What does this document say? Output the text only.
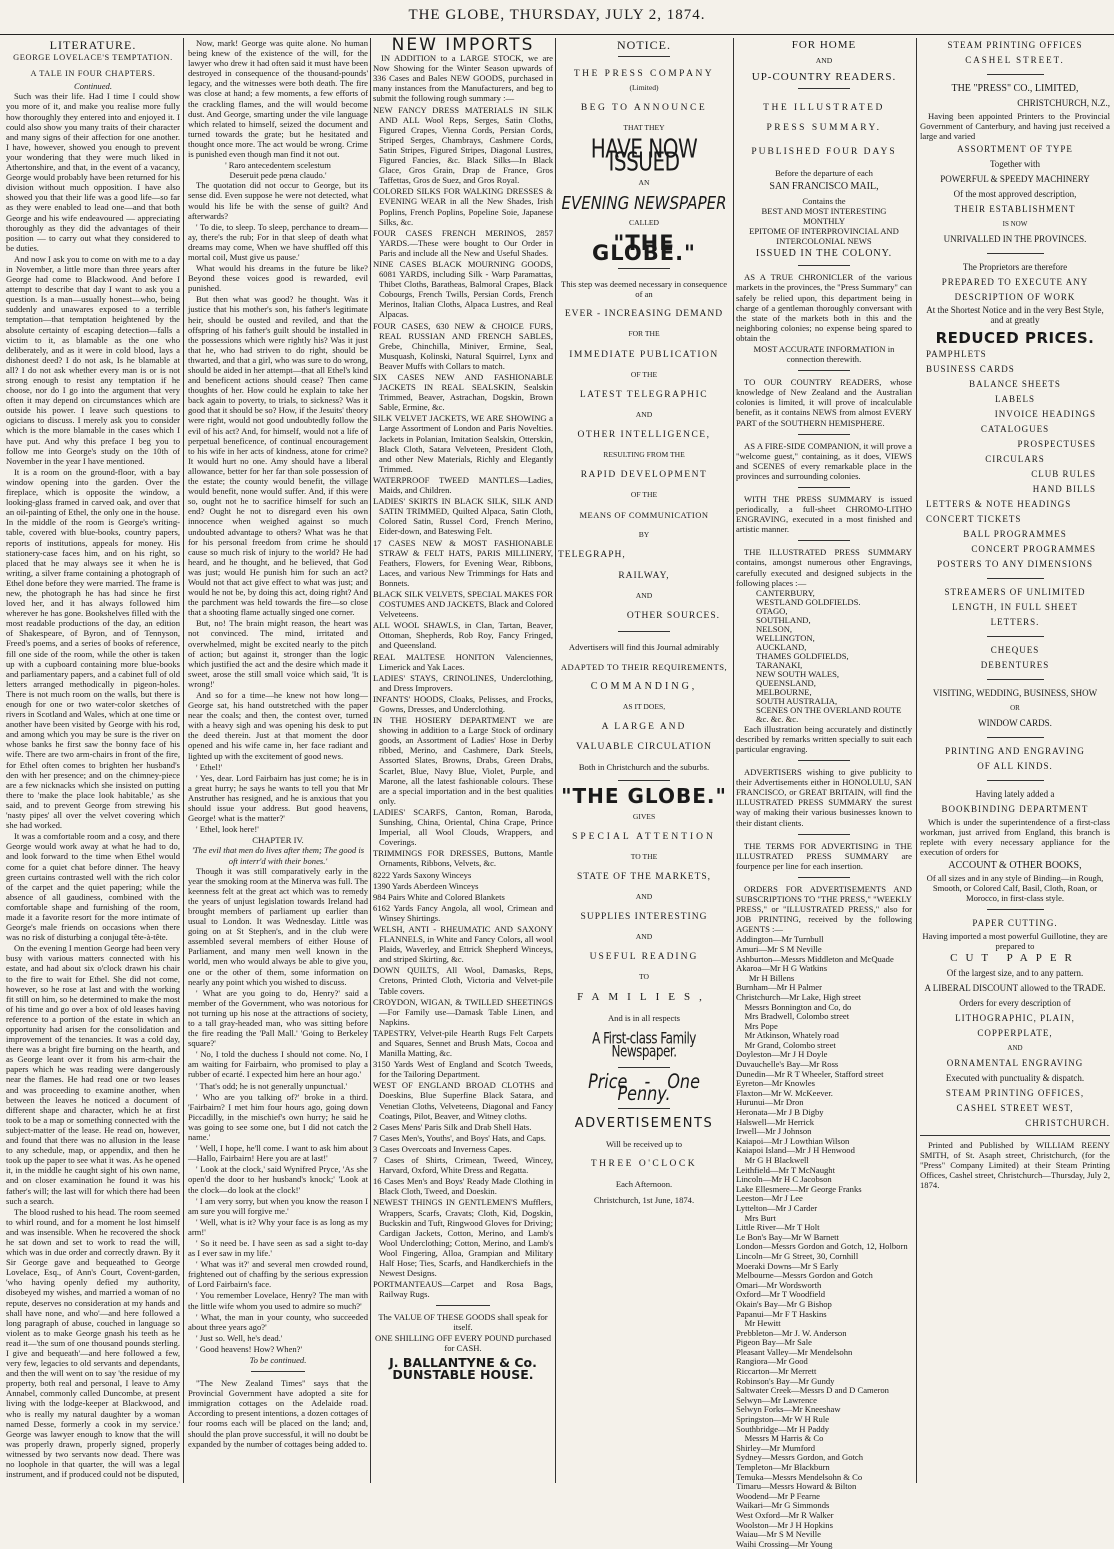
THE GLOBE, THURSDAY, JULY 2, 1874.
LITERATURE.
GEORGE LOVELACE'S TEMPTATION.
A TALE IN FOUR CHAPTERS.
Continued.

Such was their life. Had I time I could show you more of it, and make you realise more fully how thoroughly they entered into and enjoyed it. I could also show you many traits of their character and many signs of their affection for one another. I have, however, showed you enough to prevent your wondering that they were much liked in Athertonshire, and that, in the event of a vacancy, George would probably have been returned for his division without much opposition. I have also showed you that their life was a good life—so far as they were enabled to lead one—and that both George and his wife endeavoured — appreciating thoroughly as they did the advantages of their position — to carry out what they considered to be duties.

And now I ask you to come on with me to a day in November, a little more than three years after George had come to Blackwood. And before I attempt to describe that day I want to ask you a question. Is a man—usually honest—who, being suddenly and unawares exposed to a terrible temptation—that temptation heightened by the absolute certainty of escaping detection—falls a victim to it, as blamable as the one who deliberately, and as it were in cold blood, lays a dishonest deed? I do not ask, Is he blamable at all? I do not ask whether every man is or is not strong enough to resist any temptation if he choose, nor do I go into the argument that very often it may depend on circumstances which are outside his power. I leave such questions to ogicians to discuss. I merely ask you to consider which is the more blamable in the cases which I have put. And why this preface I beg you to follow me into George's study on the 10th of November in the year I have mentioned.

It is a room on the ground-floor, with a bay window opening into the garden. Over the fireplace, which is opposite the window, a looking-glass framed in carved oak, and over that an oil-painting of Ethel, the only one in the house. In the middle of the room is George's writing-table, covered with blue-books, country papers, reports of institutions, appeals for money. His stationery-case faces him, and on his right, so placed that he may always see it when he is writing, a silver frame containing a photograph of Ethel done before they were married. The frame is new, the photograph he has had since he first loved her, and it has always followed him wherever he has gone. Bookshelves filled with the most readable productions of the day, an edition of Shakespeare, of Byron, and of Tennyson, Freed's poems, and a series of books of reference, fill one side of the room, while the other is taken up with a cupboard containing more blue-books and parliamentary papers, and a cabinet full of old letters arranged methodically in pigeon-holes. There is not much room on the walls, but there is enough for one or two water-color sketches of rivers in Scotland and Wales, which at one time or another have been visited by George with his rod, and among which you may be sure is the river on whose banks he first saw the bonny face of his wife. There are two arm-chairs in front of the fire, for Ethel often comes to brighten her husband's den with her presence; and on the chimney-piece are a few nicknacks which she insisted on putting there to 'make the place look habitable,' as she said, and to prevent George from strewing his 'nasty pipes' all over the velvet covering which she had worked.

It was a comfortable room and a cosy, and there George would work away at what he had to do, and look forward to the time when Ethel would come for a quiet chat before dinner. The heavy green curtains contrasted well with the rich color of the carpet and the quiet papering; while the absence of all gaudiness, combined with the comfortable shape and furnishing of the room, made it a favorite resort for the more intimate of George's male friends on occasions when there was no risk of disturbing a conjugal tête-à-tête.

On the evening I mention George had been very busy with various matters connected with his estate, and had about six o'clock drawn his chair to the fire to wait for Ethel. She did not come, however, so he rose at last and with the working fit still on him, so he determined to make the most of his time and go over a box of old leases having reference to a portion of the estate in which an opportunity had arisen for the consolidation and improvement of the tenancies. It was a cold day, there was a bright fire burning on the hearth, and as George leant over it from his arm-chair the papers which he was reading were dangerously near the flames. He had read one or two leases and was proceeding to examine another, when between the leaves he noticed a document of different shape and character, which he at first took to be a map or something connected with the subject-matter of the lease. He read on, however, and found that there was no allusion in the lease to any schedule, map, or appendix, and then he took up the paper to see what it was. As he opened it, in the middle he caught sight of his own name, and on closer examination he found it was his father's will; the last will for which there had been such a search.

The blood rushed to his head. The room seemed to whirl round, and for a moment he lost himself and was insensible. When he recovered the shock he sat down and set to work to read the will, which was in due order and correctly drawn. By it Sir George gave and bequeathed to George Lovelace, Esq., of Ann's Court, Covent-garden, 'who having openly defied my authority, disobeyed my wishes, and married a woman of no repute, deserves no consideration at my hands and shall have none, and who'—and here followed a long paragraph of abuse, couched in language so violent as to make George gnash his teeth as he read it—'the sum of one thousand pounds sterling. I give and bequeath'—and here followed a few, very few, legacies to old servants and dependants, and then the will went on to say 'the residue of my property, both real and personal, I leave to Amy Annabel, commonly called Duncombe, at present living with the lodge-keeper at Blackwood, and who is really my natural daughter by a woman named Desse, formerly a cook in my service.' George was lawyer enough to know that the will was properly drawn, properly signed, properly witnessed by two servants now dead. There was no loophole in that quarter, the will was a legal instrument, and if produced could not be disputed,

Now, mark! George was quite alone. No human being knew of the existence of the will, for the lawyer who drew it had often said it must have been destroyed in consequence of the thousand-pounds' legacy, and the witnesses were both death. The fire was close at hand; a few moments, a few efforts of the crackling flames, and the will would become dust. And George, smarting under the vile language which related to himself, seized the document and turned towards the grate; but he hesitated and thought once more. The act would be wrong. Crime is punished even though man find it not out.

' Raro antecedentem scelestum
Deseruit pede pœna claudo.'

The quotation did not occur to George, but its sense did. Even suppose he were not detected, what would his life be with the sense of guilt? And afterwards?

' To die, to sleep. To sleep, perchance to dream—ay, there's the rub; For in that sleep of death what dreams may come, When we have shuffled off this mortal coil, Must give us pause.'

What would his dreams in the future be like? Beyond these voices good is rewarded, evil punished.

But then what was good? he thought. Was it justice that his mother's son, his father's legitimate heir, should be ousted and reviled, and that the offspring of his father's guilt should be installed in the possessions which were rightly his? Was it just that he, who had striven to do right, should be thwarted, and that a girl, who was sure to do wrong, should be aided in her attempt—that all Ethel's kind and beneficent actions should cease? Then came thoughts of her. How could he explain to take her back again to poverty, to trials, to sickness? Was it good that it should be so? How, if the Jesuits' theory were right, would not good undoubtedly follow the evil of his act? And, for himself, would not a life of perpetual beneficence, of continual encouragement to his wife in her acts of kindness, atone for crime? It would hurt no one. Amy should have a liberal allowance, better for her far than sole possession of the estate; the county would benefit, the village would benefit, none would suffer. And, if this were so, ought not he to sacrifice himself for such an end? Ought he not to disregard even his own innocence when weighed against so much undoubted advantage to others? What was he that for his personal freedom from crime he should cause so much risk of injury to the world? He had heard, and he thought, and he believed, that God was just; would He punish him for such an act? Would not that act give effect to what was just; and would he not be, by doing this act, doing right? And the parchment was held towards the fire—so close that a shooting flame actually singed one corner.

But, no! The brain might reason, the heart was not convinced. The mind, irritated and overwhelmed, might be excited nearly to the pitch of action; but against it, stronger than the logic which justified the act and the desire which made it sweet, arose the still small voice which said, 'It is wrong!'

And so for a time—he knew not how long—George sat, his hand outstretched with the paper near the coals; and then, the contest over, turned with a heavy sigh and was opening his desk to put the deed therein. Just at that moment the door opened and his wife came in, her face radiant and lighted up with the excitement of good news.

' Ethel!'

' Yes, dear. Lord Fairbairn has just come; he is in a great hurry; he says he wants to tell you that Mr Anstruther has resigned, and he is anxious that you should issue your address. But good heavens, George! what is the matter?'

' Ethel, look here!'

CHAPTER IV.
'The evil that men do lives after them; The good is oft interr'd with their bones.'

Though it was still comparatively early in the year the smoking room at the Minerva was full. The keenness felt at the great act which was to remedy the years of unjust legislation towards Ireland had brought members of parliament up earlier than usual to London. It was Wednesday. Little was going on at St Stephen's, and in the club were assembled several members of either House of Parliament, and many men well known in the world, men who would always be able to give you, one or the other of them, some information on nearly any point which you wished to discuss.

' What are you going to do, Henry?' said a member of the Government, who was notorious for not turning up his nose at the attractions of society, to a tall gray-headed man, who was sitting before the fire reading the 'Pall Mall.' 'Going to Berkeley square?'

' No, I told the duchess I should not come. No, I am waiting for Fairbairn, who promised to play a rubber of ecarté. I expected him here an hour ago.'

' That's odd; he is not generally unpunctual.'

' Who are you talking of?' broke in a third. 'Fairbairn? I met him four hours ago, going down Piccadilly, in the mischief's own hurry; he said he was going to see some one, but I did not catch the name.'

' Well, I hope, he'll come. I want to ask him about—Hallo, Fairbairn! Here you are at last!'

' Look at the clock,' said Wynifred Pryce, 'As she open'd the door to her husband's knock;' 'Look at the clock—do look at the clock!'

' I am very sorry, but when you know the reason I am sure you will forgive me.'

' Well, what is it? Why your face is as long as my arm!'

' So it need be. I have seen as sad a sight to-day as I ever saw in my life.'

' What was it?' and several men crowded round, frightened out of chaffing by the serious expression of Lord Fairbairn's face.

' You remember Lovelace, Henry? The man with the little wife whom you used to admire so much?'

' What, the man in your county, who succeeded about three years ago?'

' Just so. Well, he's dead.'

' Good heavens! How? When?'

To be continued.

"The New Zealand Times" says that the Provincial Government have adopted a site for immigration cottages on the Adelaide road. According to present intentions, a dozen cottages of four rooms each will be placed on the land; and, should the plan prove successful, it will no doubt be expanded by the number of cottages being added to.

NEW IMPORTS

IN ADDITION to a LARGE STOCK, we are Now Showing for the Winter Season upwards of 336 Cases and Bales NEW GOODS, purchased in many instances from the Manufacturers, and beg to submit the following rough summary :—

NEW FANCY DRESS MATERIALS IN SILK AND ALL Wool Reps, Serges, Satin Cloths, Figured Crapes, Vienna Cords, Persian Cords, Striped Serges, Chambrays, Cashmere Cords, Satin Stripes, Figured Stripes, Diagonal Lustres, Figured Fancies, &c. Black Silks—In Black Glace, Gros Grain, Drap de France, Gros Taffettas, Gros de Suez, and Gros Royal.

COLORED SILKS FOR WALKING DRESSES & EVENING WEAR in all the New Shades, Irish Poplins, French Poplins, Popeline Soie, Japanese Silks, &c.

FOUR CASES FRENCH MERINOS, 2857 YARDS.—These were bought to Our Order in Paris and include all the New and Useful Shades.

NINE CASES BLACK MOURNING GOODS, 6081 YARDS, including Silk - Warp Paramattas, Thibet Cloths, Baratheas, Balmoral Crapes, Black Cobourgs, French Twills, Persian Cords, French Merinos, Italian Cloths, Alpaca Lustres, and Real Alpacas.

FOUR CASES, 630 NEW & CHOICE FURS, REAL RUSSIAN AND FRENCH SABLES, Grebe, Chinchilla, Miniver, Ermine, Seal, Musquash, Kolinski, Natural Squirrel, Lynx and Beaver Muffs with Collars to match.

SIX CASES NEW AND FASHIONABLE JACKETS IN REAL SEALSKIN, Sealskin Trimmed, Beaver, Astrachan, Dogskin, Brown Sable, Ermine, &c.

SILK VELVET JACKETS, WE ARE SHOWING a Large Assortment of London and Paris Novelties. Jackets in Polanian, Imitation Sealskin, Otterskin, Black Cloth, Satara Velveteen, President Cloth, and other New Materials, Richly and Elegantly Trimmed.

WATERPROOF TWEED MANTLES—Ladies, Maids, and Children.

LADIES' SKIRTS IN BLACK SILK, SILK AND SATIN TRIMMED, Quilted Alpaca, Satin Cloth, Colored Satin, Russel Cord, French Merino, Eider-down, and Bateswing Felt.

17 CASES NEW & MOST FASHIONABLE STRAW & FELT HATS, PARIS MILLINERY, Feathers, Flowers, for Evening Wear, Ribbons, Laces, and various New Trimmings for Hats and Bonnets.

BLACK SILK VELVETS, SPECIAL MAKES FOR COSTUMES AND JACKETS, Black and Colored Velveteens.

ALL WOOL SHAWLS, in Clan, Tartan, Beaver, Ottoman, Shepherds, Rob Roy, Fancy Fringed, and Queensland.

REAL MALTESE HONITON Valenciennes, Limerick and Yak Laces.

LADIES' STAYS, CRINOLINES, Underclothing, and Dress Improvers.

INFANTS' HOODS, Cloaks, Pelisses, and Frocks, Gowns, Dresses, and Underclothing.

IN THE HOSIERY DEPARTMENT we are showing in addition to a Large Stock of ordinary goods, an Assortment of Ladies' Hose in Derby ribbed, Merino, and Cashmere, Dark Steels, Assorted Slates, Browns, Drabs, Green Drabs, Scarlet, Blue, Navy Blue, Violet, Purple, and Marone, all the latest fashionable colours. These are a special importation and in the best qualities only.

LADIES' SCARFS, Canton, Roman, Baroda, Sunshing, China, Oriental, China Crape, Prince Imperial, all Wool Clouds, Wrappers, and Coverings.

TRIMMINGS FOR DRESSES, Buttons, Mantle Ornaments, Ribbons, Velvets, &c.

8222 Yards Saxony Winceys

1390 Yards Aberdeen Winceys

984 Pairs White and Colored Blankets

6162 Yards Fancy Angola, all wool, Crimean and Winsey Shirtings.

WELSH, ANTI - RHEUMATIC AND SAXONY FLANNELS, in White and Fancy Colors, all wool Plaids, Waverley, and Ettrick Shepherd Winceys, and striped Skirting, &c.

DOWN QUILTS, All Wool, Damasks, Reps, Cretons, Printed Cloth, Victoria and Velvet-pile Table covers.

CROYDON, WIGAN, & TWILLED SHEETINGS—For Family use—Damask Table Linen, and Napkins.

TAPESTRY, Velvet-pile Hearth Rugs Felt Carpets and Squares, Sennet and Brush Mats, Cocoa and Manilla Matting, &c.

3150 Yards West of England and Scotch Tweeds, for the Tailoring Department.

WEST OF ENGLAND BROAD CLOTHS and Doeskins, Blue Superfine Black Satara, and Venetian Cloths, Velveteens, Diagonal and Fancy Coatings, Pilot, Beaver, and Witney cloths.

2 Cases Mens' Paris Silk and Drab Shell Hats.

7 Cases Men's, Youths', and Boys' Hats, and Caps.

3 Cases Overcoats and Inverness Capes.

7 Cases of Shirts, Crimean, Tweed, Wincey, Harvard, Oxford, White Dress and Regatta.

16 Cases Men's and Boys' Ready Made Clothing in Black Cloth, Tweed, and Doeskin.

NEWEST THINGS IN GENTLEMEN'S Mufflers, Wrappers, Scarfs, Cravats; Cloth, Kid, Dogskin, Buckskin and Tuft, Ringwood Gloves for Driving; Cardigan Jackets, Cotton, Merino, and Lamb's Wool Underclothing; Cotton, Merino, and Lamb's Wool Fingering, Alloa, Grampian and Military Half Hose; Ties, Scarfs, and Handkerchiefs in the Newest Designs.

PORTMANTEAUS—Carpet and Rosa Bags, Railway Rugs.

The VALUE OF THESE GOODS shall speak for itself.
ONE SHILLING OFF EVERY POUND purchased for CASH.
J. BALLANTYNE & Co.
DUNSTABLE HOUSE.
NOTICE.
THE PRESS COMPANY
(Limited)
BEG TO ANNOUNCE
THAT THEY
HAVE NOW ISSUED
AN
EVENING NEWSPAPER
CALLED
"THE GLOBE."
This step was deemed necessary in consequence of an
EVER - INCREASING DEMAND
FOR THE
IMMEDIATE PUBLICATION
OF THE
LATEST TELEGRAPHIC
AND
OTHER INTELLIGENCE,
RESULTING FROM THE
RAPID DEVELOPMENT
OF THE
MEANS OF COMMUNICATION
BY
TELEGRAPH,
RAILWAY,
AND
OTHER SOURCES.
Advertisers will find this Journal admirably
ADAPTED TO THEIR REQUIREMENTS,
COMMANDING,
AS IT DOES,
A LARGE AND
VALUABLE CIRCULATION
Both in Christchurch and the suburbs.
"THE GLOBE."
GIVES
SPECIAL ATTENTION
TO THE
STATE OF THE MARKETS,
AND
SUPPLIES INTERESTING
AND
USEFUL READING
TO
FAMILIES,
And is in all respects
A First-class Family Newspaper.
Price - One Penny.
ADVERTISEMENTS
Will be received up to
THREE O'CLOCK
Each Afternoon.
Christchurch, 1st June, 1874.
FOR HOME
AND
UP-COUNTRY READERS.
THE ILLUSTRATED
PRESS SUMMARY.
PUBLISHED FOUR DAYS
Before the departure of each
SAN FRANCISCO MAIL,
Contains the
BEST AND MOST INTERESTING
MONTHLY
EPITOME OF INTERPROVINCIAL AND
INTERCOLONIAL NEWS
ISSUED IN THE COLONY.

AS A TRUE CHRONICLER of the various markets in the provinces, the "Press Summary" can safely be relied upon, this department being in charge of a gentleman thoroughly conversant with the state of the markets both in this and the neighboring colonies; no expense being spared to obtain the

MOST ACCURATE INFORMATION in connection therewith.

TO OUR COUNTRY READERS, whose knowledge of New Zealand and the Australian colonies is limited, it will prove of incalculable benefit, as it contains NEWS from almost EVERY PART of the SOUTHERN HEMISPHERE.

AS A FIRE-SIDE COMPANION, it will prove a "welcome guest," containing, as it does, VIEWS and SCENES of every remarkable place in the provinces and surrounding colonies.

WITH THE PRESS SUMMARY is issued periodically, a full-sheet CHROMO-LITHO ENGRAVING, executed in a most finished and artistic manner.

THE ILLUSTRATED PRESS SUMMARY contains, amongst numerous other Engravings, carefully executed and designed subjects in the following places :—

CANTERBURY,
WESTLAND GOLDFIELDS.
OTAGO,
SOUTHLAND,
NELSON,
WELLINGTON,
AUCKLAND,
THAMES GOLDFIELDS,
TARANAKI,
NEW SOUTH WALES,
QUEENSLAND,
MELBOURNE,
SOUTH AUSTRALIA,
SCENES ON THE OVERLAND ROUTE
&c. &c. &c.

Each illustration being accurately and distinctly described by remarks written specially to suit each particular engraving.

ADVERTISERS wishing to give publicity to their Advertisements either in HONOLULU, SAN FRANCISCO, or GREAT BRITAIN, will find the ILLUSTRATED PRESS SUMMARY the surest way of making their various businesses known to their distant clients.

THE TERMS FOR ADVERTISING in THE ILLUSTRATED PRESS SUMMARY are fourpence per line for each insertion.

ORDERS FOR ADVERTISEMENTS AND SUBSCRIPTIONS TO "THE PRESS," "WEEKLY PRESS," or "ILLUSTRATED PRESS," also for JOB PRINTING, received by the following AGENTS :—

Addington—Mr Turnbull
Amuri—Mr S M Neville
Ashburton—Messrs Middleton and McQuade
Akaroa—Mr H G Watkins
Mr H Billens
Burnham—Mr H Palmer
Christchurch—Mr Lake, High street
Messrs Bonnington and Co, do
Mrs Bradwell, Colombo street
Mrs Pope
Mr Atkinson, Whately road
Mr Grand, Colombo street
Doyleston—Mr J H Doyle
Duvauchelle's Bay—Mr Ross
Dunedin—Mr R T Wheeler, Stafford street
Eyreton—Mr Knowles
Flaxton—Mr W. McKeever.
Hurunui—Mr Dron
Heronata—Mr J B Digby
Halswell—Mr Herrick
Irwell—Mr J Johnson
Kaiapoi—Mr J Lowthian Wilson
Kaiapoi Island—Mr J H Henwood
Mr G H Blackwell
Leithfield—Mr T McNaught
Lincoln—Mr H C Jacobson
Lake Ellesmere—Mr George Franks
Leeston—Mr J Lee
Lyttelton—Mr J Carder
Mrs Burt
Little River—Mr T Holt
Le Bon's Bay—Mr W Barnett
London—Messrs Gordon and Gotch, 12, Holborn
Lincoln—Mr G Street, 30, Cornhill
Moeraki Downs—Mr S Early
Melbourne—Messrs Gordon and Gotch
Omari—Mr Wordsworth
Oxford—Mr T Woodfield
Okain's Bay—Mr G Bishop
Papanui—Mr F T Haskins
Mr Hewitt
Prebbleton—Mr J. W. Anderson
Pigeon Bay—Mr Sale
Pleasant Valley—Mr Mendelsohn
Rangiora—Mr Good
Riccarton—Mr Merrett
Robinson's Bay—Mr Gundy
Saltwater Creek—Messrs D and D Cameron
Selwyn—Mr Lawrence
Selwyn Forks—Mr Kneeshaw
Springston—Mr W H Rule
Southbridge—Mr H Paddy
Messrs M Harris & Co
Shirley—Mr Mumford
Sydney—Messrs Gordon, and Gotch
Templeton—Mr Blackburn
Temuka—Messrs Mendelsohn & Co
Timaru—Messrs Howard & Bilton
Woodend—Mr P Fearne
Waikari—Mr G Simmonds
West Oxford—Mr R Walker
Woolston—Mr J H Hopkins
Waiau—Mr S M Neville
Waihi Crossing—Mr Young
STEAM PRINTING OFFICES
CASHEL STREET.
THE "PRESS" CO., LIMITED,
CHRISTCHURCH, N.Z.,

Having been appointed Printers to the Provincial Government of Canterbury, and having just received a large and varied

ASSORTMENT OF TYPE
Together with
POWERFUL & SPEEDY MACHINERY
Of the most approved description,
THEIR ESTABLISHMENT
IS NOW
UNRIVALLED IN THE PROVINCES.
The Proprietors are therefore
PREPARED TO EXECUTE ANY
DESCRIPTION OF WORK
At the Shortest Notice and in the very Best Style, and at greatly
REDUCED PRICES.
PAMPHLETS
BUSINESS CARDS
BALANCE SHEETS
LABELS
INVOICE HEADINGS
CATALOGUES
PROSPECTUSES
CIRCULARS
CLUB RULES
HAND BILLS
LETTERS & NOTE HEADINGS
CONCERT TICKETS
BALL PROGRAMMES
CONCERT PROGRAMMES
POSTERS TO ANY DIMENSIONS
STREAMERS OF UNLIMITED
LENGTH, IN FULL SHEET
LETTERS.
CHEQUES
DEBENTURES
VISITING, WEDDING, BUSINESS, SHOW
OR
WINDOW CARDS.
PRINTING AND ENGRAVING
OF ALL KINDS.
Having lately added a
BOOKBINDING DEPARTMENT

Which is under the superintendence of a first-class workman, just arrived from England, this branch is replete with every necessary appliance for the execution of orders for

ACCOUNT & OTHER BOOKS,
Of all sizes and in any style of Binding—in Rough, Smooth, or Colored Calf, Basil, Cloth, Roan, or Morocco, in first-class style.
PAPER CUTTING.
Having imported a most powerful Guillotine, they are prepared to
CUT PAPER
Of the largest size, and to any pattern.
A LIBERAL DISCOUNT allowed to the TRADE.
Orders for every description of
LITHOGRAPHIC, PLAIN,
COPPERPLATE,
AND
ORNAMENTAL ENGRAVING
Executed with punctuality & dispatch.
STEAM PRINTING OFFICES,
CASHEL STREET WEST,
CHRISTCHURCH.

Printed and Published by WILLIAM REENY SMITH, of St. Asaph street, Christchurch, (for the "Press" Company Limited) at their Steam Printing Offices, Cashel street, Christchurch—Thursday, July 2, 1874.
